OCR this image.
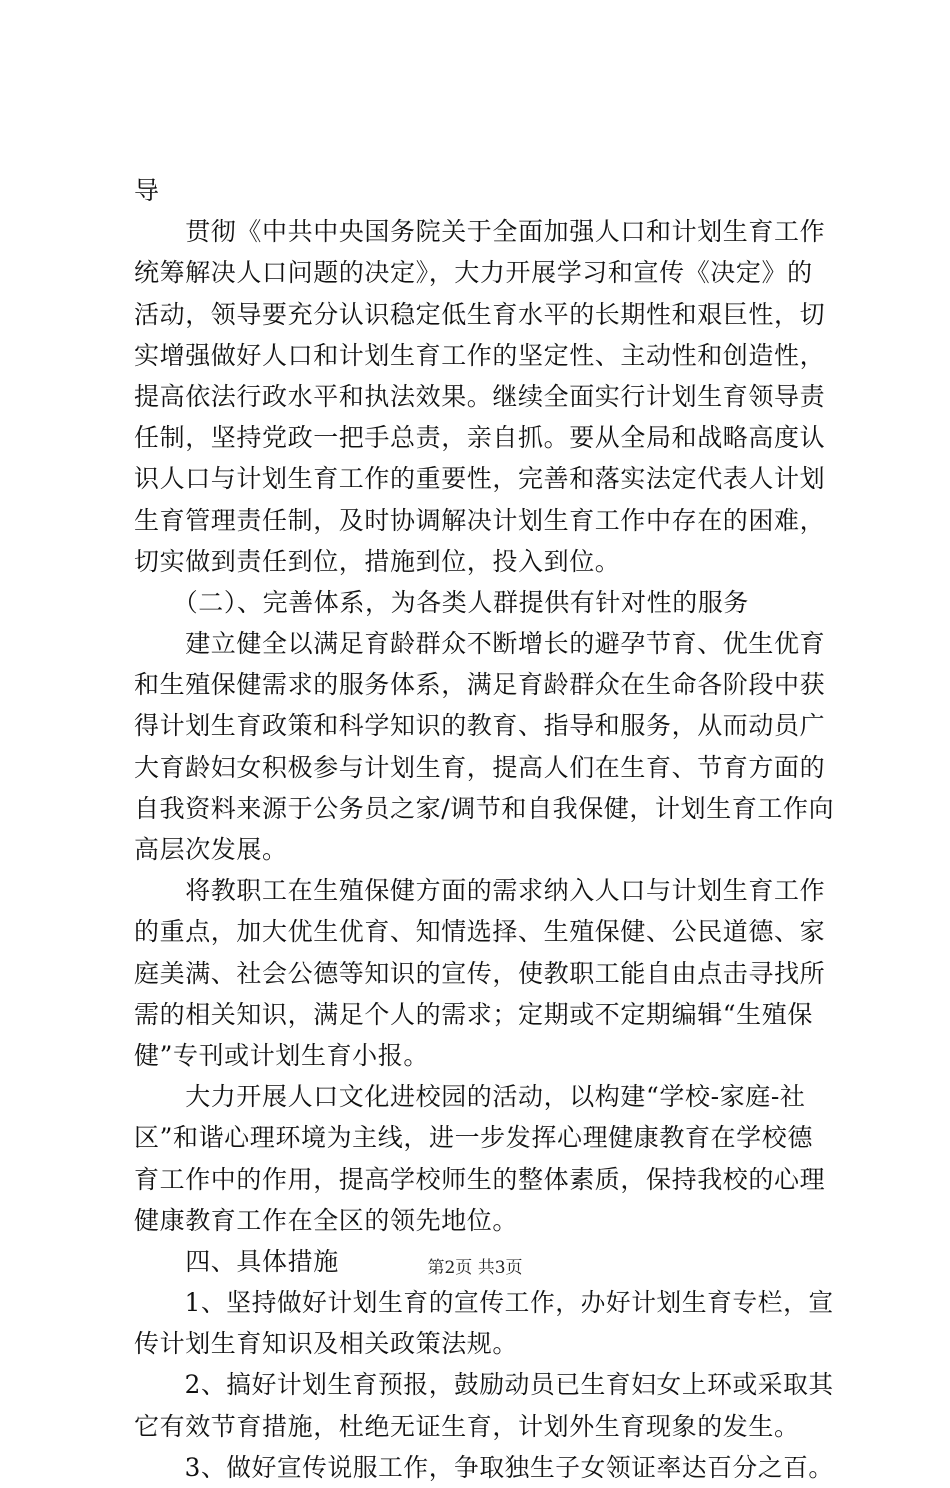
导
　　贯彻《中共中央国务院关于全面加强人口和计划生育工作
统筹解决人口问题的决定》，大力开展学习和宣传《决定》的
活动，领导要充分认识稳定低生育水平的长期性和艰巨性，切
实增强做好人口和计划生育工作的坚定性、主动性和创造性，
提高依法行政水平和执法效果。继续全面实行计划生育领导责
任制，坚持党政一把手总责，亲自抓。要从全局和战略高度认
识人口与计划生育工作的重要性，完善和落实法定代表人计划
生育管理责任制，及时协调解决计划生育工作中存在的困难，
切实做到责任到位，措施到位，投入到位。
　　（二）、完善体系，为各类人群提供有针对性的服务
　　建立健全以满足育龄群众不断增长的避孕节育、优生优育
和生殖保健需求的服务体系，满足育龄群众在生命各阶段中获
得计划生育政策和科学知识的教育、指导和服务，从而动员广
大育龄妇女积极参与计划生育，提高人们在生育、节育方面的
自我资料来源于公务员之家/调节和自我保健，计划生育工作向
高层次发展。
　　将教职工在生殖保健方面的需求纳入人口与计划生育工作
的重点，加大优生优育、知情选择、生殖保健、公民道德、家
庭美满、社会公德等知识的宣传，使教职工能自由点击寻找所
需的相关知识，满足个人的需求；定期或不定期编辑“生殖保
健”专刊或计划生育小报。
　　大力开展人口文化进校园的活动，以构建“学校-家庭-社
区”和谐心理环境为主线，进一步发挥心理健康教育在学校德
育工作中的作用，提高学校师生的整体素质，保持我校的心理
健康教育工作在全区的领先地位。
　　四、具体措施
　　1、坚持做好计划生育的宣传工作，办好计划生育专栏，宣
传计划生育知识及相关政策法规。
　　2、搞好计划生育预报，鼓励动员已生育妇女上环或采取其
它有效节育措施，杜绝无证生育，计划外生育现象的发生。
　　3、做好宣传说服工作，争取独生子女领证率达百分之百。
第2页 共3页
